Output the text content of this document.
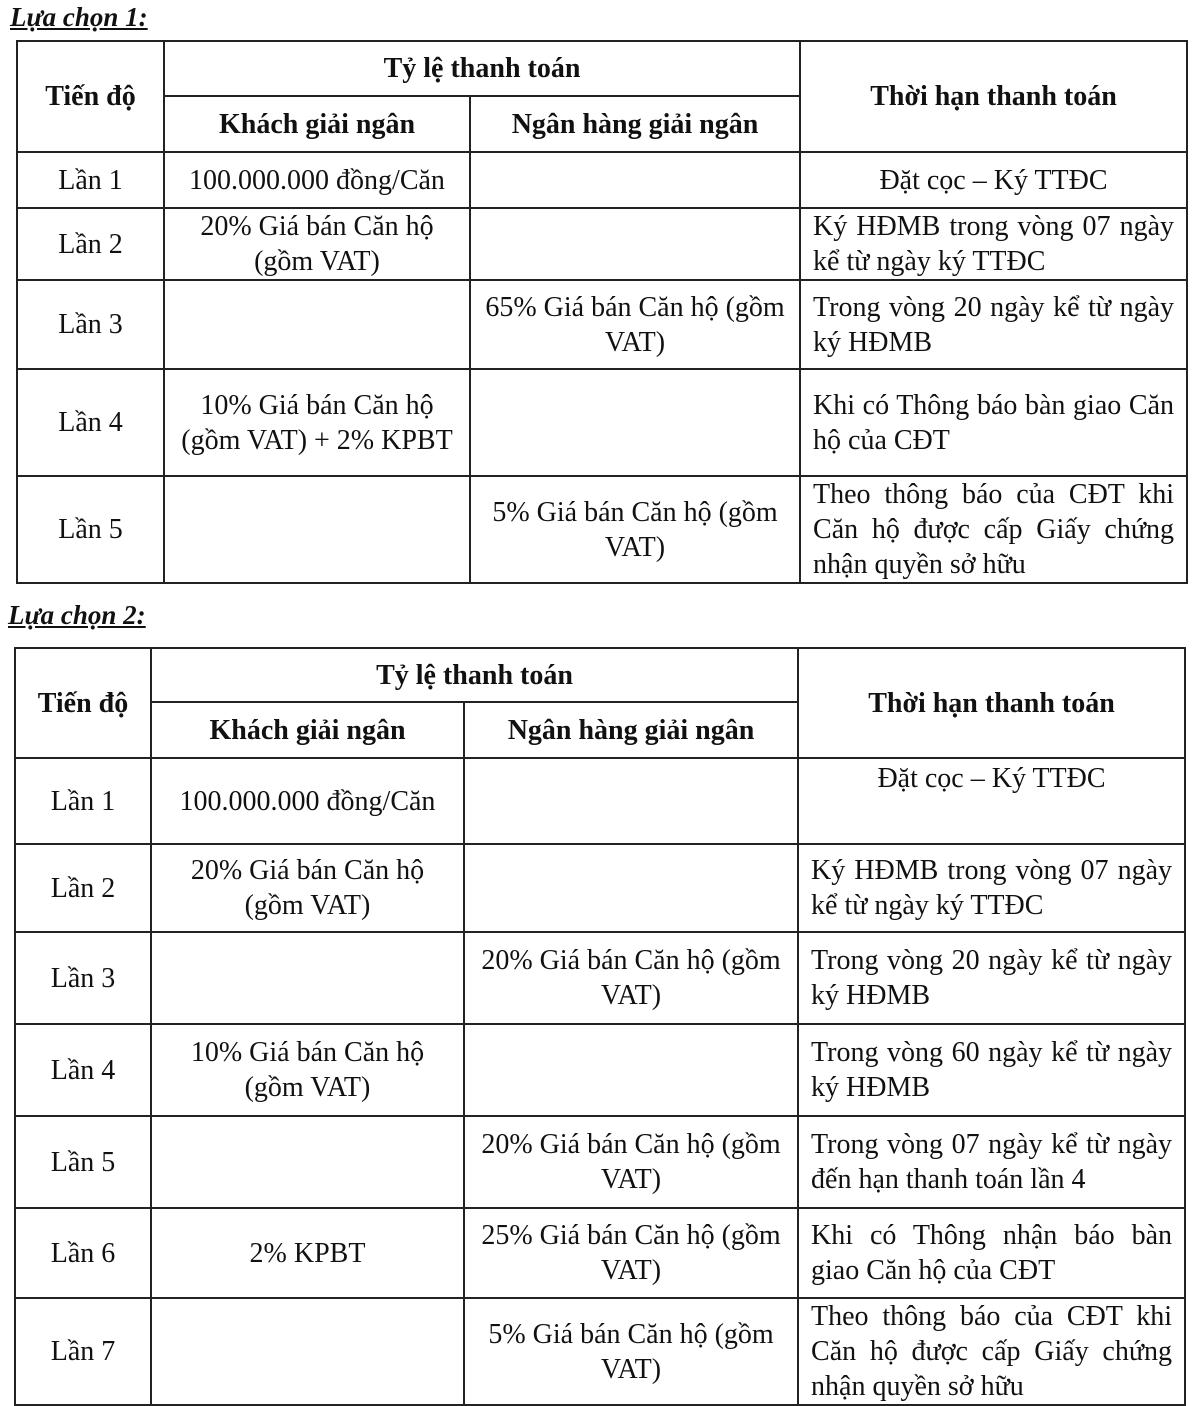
Lựa chọn 1:
Tiến độ	Tỷ lệ thanh toán		Thời hạn thanh toán
	Khách giải ngân	Ngân hàng giải ngân	
Lần 1	100.000.000 đồng/Căn		Đặt cọc – Ký TTĐC
Lần 2	20% Giá bán Căn hộ (gồm VAT)		Ký HĐMB trong vòng 07 ngày kể từ ngày ký TTĐC
Lần 3		65% Giá bán Căn hộ (gồm VAT)	Trong vòng 20 ngày kể từ ngày ký HĐMB
Lần 4	10% Giá bán Căn hộ (gồm VAT) + 2% KPBT		Khi có Thông báo bàn giao Căn hộ của CĐT
Lần 5		5% Giá bán Căn hộ (gồm VAT)	Theo thông báo của CĐT khi Căn hộ được cấp Giấy chứng nhận quyền sở hữu
Lựa chọn 2:
Tiến độ	Tỷ lệ thanh toán		Thời hạn thanh toán
	Khách giải ngân	Ngân hàng giải ngân	
Lần 1	100.000.000 đồng/Căn		Đặt cọc – Ký TTĐC
Lần 2	20% Giá bán Căn hộ (gồm VAT)		Ký HĐMB trong vòng 07 ngày kể từ ngày ký TTĐC
Lần 3		20% Giá bán Căn hộ (gồm VAT)	Trong vòng 20 ngày kể từ ngày ký HĐMB
Lần 4	10% Giá bán Căn hộ (gồm VAT)		Trong vòng 60 ngày kể từ ngày ký HĐMB
Lần 5		20% Giá bán Căn hộ (gồm VAT)	Trong vòng 07 ngày kể từ ngày đến hạn thanh toán lần 4
Lần 6	2% KPBT	25% Giá bán Căn hộ (gồm VAT)	Khi có Thông nhận báo bàn giao Căn hộ của CĐT
Lần 7		5% Giá bán Căn hộ (gồm VAT)	Theo thông báo của CĐT khi Căn hộ được cấp Giấy chứng nhận quyền sở hữu
